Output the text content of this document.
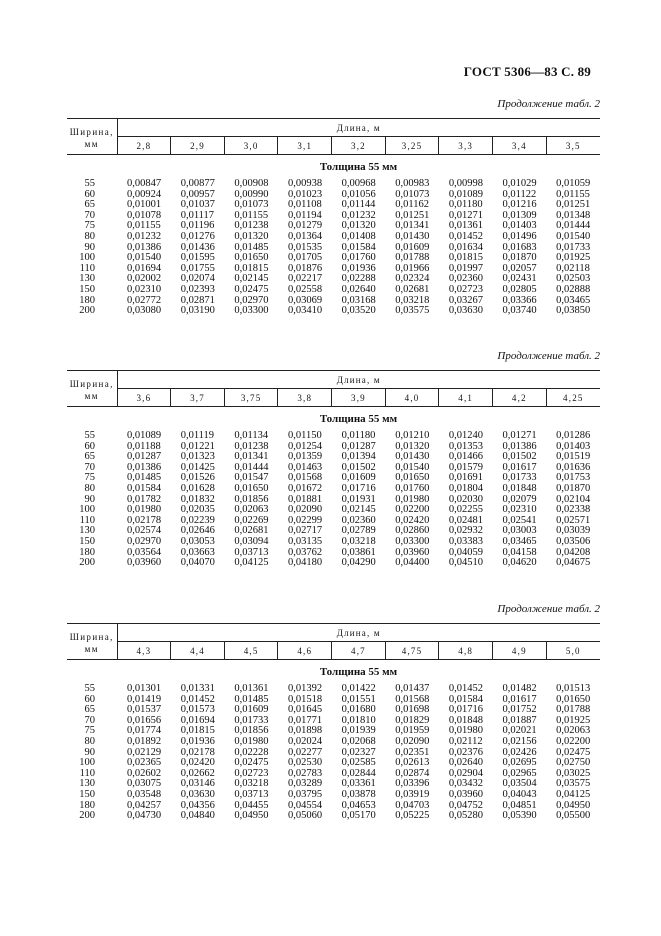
ГОСТ 5306—83 С. 89
Продолжение табл. 2
Ширина,
мм	Длина, м								
	2,8	2,9	3,0	3,1	3,2	3,25	3,3	3,4	3,5
Толщина 55 мм									
55	0,00847	0,00877	0,00908	0,00938	0,00968	0,00983	0,00998	0,01029	0,01059
60	0,00924	0,00957	0,00990	0,01023	0,01056	0,01073	0,01089	0,01122	0,01155
65	0,01001	0,01037	0,01073	0,01108	0,01144	0,01162	0,01180	0,01216	0,01251
70	0,01078	0,01117	0,01155	0,01194	0,01232	0,01251	0,01271	0,01309	0,01348
75	0,01155	0,01196	0,01238	0,01279	0,01320	0,01341	0,01361	0,01403	0,01444
80	0,01232	0,01276	0,01320	0,01364	0,01408	0,01430	0,01452	0,01496	0,01540
90	0,01386	0,01436	0,01485	0,01535	0,01584	0,01609	0,01634	0,01683	0,01733
100	0,01540	0,01595	0,01650	0,01705	0,01760	0,01788	0,01815	0,01870	0,01925
110	0,01694	0,01755	0,01815	0,01876	0,01936	0,01966	0,01997	0,02057	0,02118
130	0,02002	0,02074	0,02145	0,02217	0,02288	0,02324	0,02360	0,02431	0,02503
150	0,02310	0,02393	0,02475	0,02558	0,02640	0,02681	0,02723	0,02805	0,02888
180	0,02772	0,02871	0,02970	0,03069	0,03168	0,03218	0,03267	0,03366	0,03465
200	0,03080	0,03190	0,03300	0,03410	0,03520	0,03575	0,03630	0,03740	0,03850
Продолжение табл. 2
Ширина,
мм	Длина, м								
	3,6	3,7	3,75	3,8	3,9	4,0	4,1	4,2	4,25
Толщина 55 мм									
55	0,01089	0,01119	0,01134	0,01150	0,01180	0,01210	0,01240	0,01271	0,01286
60	0,01188	0,01221	0,01238	0,01254	0,01287	0,01320	0,01353	0,01386	0,01403
65	0,01287	0,01323	0,01341	0,01359	0,01394	0,01430	0,01466	0,01502	0,01519
70	0,01386	0,01425	0,01444	0,01463	0,01502	0,01540	0,01579	0,01617	0,01636
75	0,01485	0,01526	0,01547	0,01568	0,01609	0,01650	0,01691	0,01733	0,01753
80	0,01584	0,01628	0,01650	0,01672	0,01716	0,01760	0,01804	0,01848	0,01870
90	0,01782	0,01832	0,01856	0,01881	0,01931	0,01980	0,02030	0,02079	0,02104
100	0,01980	0,02035	0,02063	0,02090	0,02145	0,02200	0,02255	0,02310	0,02338
110	0,02178	0,02239	0,02269	0,02299	0,02360	0,02420	0,02481	0,02541	0,02571
130	0,02574	0,02646	0,02681	0,02717	0,02789	0,02860	0,02932	0,03003	0,03039
150	0,02970	0,03053	0,03094	0,03135	0,03218	0,03300	0,03383	0,03465	0,03506
180	0,03564	0,03663	0,03713	0,03762	0,03861	0,03960	0,04059	0,04158	0,04208
200	0,03960	0,04070	0,04125	0,04180	0,04290	0,04400	0,04510	0,04620	0,04675
Продолжение табл. 2
Ширина,
мм	Длина, м								
	4,3	4,4	4,5	4,6	4,7	4,75	4,8	4,9	5,0
Толщина 55 мм									
55	0,01301	0,01331	0,01361	0,01392	0,01422	0,01437	0,01452	0,01482	0,01513
60	0,01419	0,01452	0,01485	0,01518	0,01551	0,01568	0,01584	0,01617	0,01650
65	0,01537	0,01573	0,01609	0,01645	0,01680	0,01698	0,01716	0,01752	0,01788
70	0,01656	0,01694	0,01733	0,01771	0,01810	0,01829	0,01848	0,01887	0,01925
75	0,01774	0,01815	0,01856	0,01898	0,01939	0,01959	0,01980	0,02021	0,02063
80	0,01892	0,01936	0,01980	0,02024	0,02068	0,02090	0,02112	0,02156	0,02200
90	0,02129	0,02178	0,02228	0,02277	0,02327	0,02351	0,02376	0,02426	0,02475
100	0,02365	0,02420	0,02475	0,02530	0,02585	0,02613	0,02640	0,02695	0,02750
110	0,02602	0,02662	0,02723	0,02783	0,02844	0,02874	0,02904	0,02965	0,03025
130	0,03075	0,03146	0,03218	0,03289	0,03361	0,03396	0,03432	0,03504	0,03575
150	0,03548	0,03630	0,03713	0,03795	0,03878	0,03919	0,03960	0,04043	0,04125
180	0,04257	0,04356	0,04455	0,04554	0,04653	0,04703	0,04752	0,04851	0,04950
200	0,04730	0,04840	0,04950	0,05060	0,05170	0,05225	0,05280	0,05390	0,05500
